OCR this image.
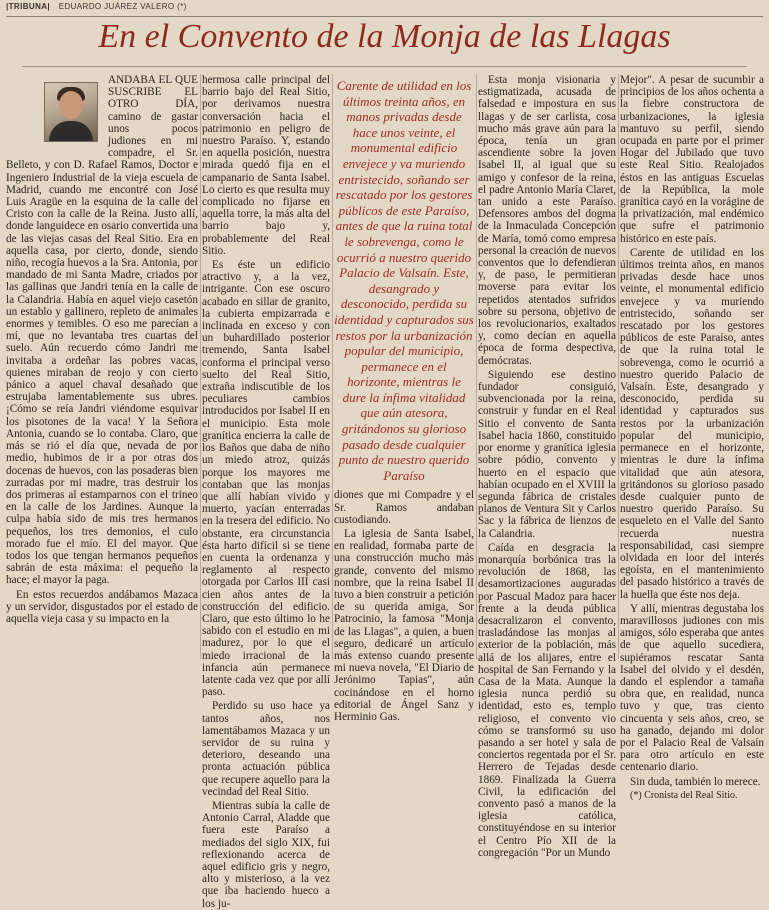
|TRIBUNA| EDUARDO JUÁREZ VALERO (*)
En el Convento de la Monja de las Llagas

ANDABA EL QUE SUSCRIBE EL OTRO DÍA, camino de gastar unos pocos judiones en mi compadre, el Sr. Belleto, y con D. Rafael Ramos, Doctor e Ingeniero Industrial de la vieja escuela de Madrid, cuando me encontré con José Luis Aragüe en la esquina de la calle del Cristo con la calle de la Reina. Justo allí, donde languidece en osario convertida una de las viejas casas del Real Sitio. Era en aquella casa, por cierto, donde, siendo niño, recogía huevos a la Sra. Antonia, por mandado de mi Santa Madre, criados por las gallinas que Jandri tenía en la calle de la Calandria. Había en aquel viejo casetón un establo y gallinero, repleto de animales enormes y temibles. O eso me parecían a mí, que no levantaba tres cuartas del suelo. Aún recuerdo cómo Jandri me invitaba a ordeñar las pobres vacas, quienes miraban de reojo y con cierto pánico a aquel chaval desañado que estrujaba lamentablemente sus ubres. ¡Cómo se reía Jandri viéndome esquivar los pisotones de la vaca! Y la Señora Antonia, cuando se lo contaba. Claro, que más se rió el día que, nevada de por medio, hubimos de ir a por otras dos docenas de huevos, con las posaderas bien zurradas por mi madre, tras destruir los dos primeras al estamparnos con el trineo en la calle de los Jardines. Aunque la culpa había sido de mis tres hermanos pequeños, los tres demonios, el culo morado fue el mío. El del mayor. Que todos los que tengan hermanos pequeños sabrán de esta máxima: el pequeño la hace; el mayor la paga.

En estos recuerdos andábamos Mazaca y un servidor, disgustados por el estado de aquella vieja casa y su impacto en la

hermosa calle principal del barrio bajo del Real Sitio, por derivamos nuestra conversación hacia el patrimonio en peligro de nuestro Paraíso. Y, estando en aquella posición, nuestra mirada quedó fija en el campanario de Santa Isabel. Lo cierto es que resulta muy complicado no fijarse en aquella torre, la más alta del barrio bajo y, probablemente del Real Sitio.

Es éste un edificio atractivo y, a la vez, intrigante. Con ese oscuro acabado en sillar de granito, la cubierta empizarrada e inclinada en exceso y con un buhardillado posterior tremendo, Santa Isabel conforma el principal verso suelto del Real Sitio, extraña indiscutible de los peculiares cambios introducidos por Isabel II en el municipio. Esta mole granítica encierra la calle de los Baños que daba de niño un miedo atroz, quizás porque los mayores me contaban que las monjas que allí habían vivido y muerto, yacían enterradas en la tresera del edificio. No obstante, era circunstancia ésta harto difícil si se tiene en cuenta la ordenanza y reglamento al respecto otorgada por Carlos III casi cien años antes de la construcción del edificio. Claro, que esto último lo he sabido con el estudio en mi madurez, por lo que el miedo irracional de la infancia aún permanece latente cada vez que por allí paso.

Perdido su uso hace ya tantos años, nos lamentábamos Mazaca y un servidor de su ruina y deterioro, deseando una pronta actuación pública que recupere aquello para la vecindad del Real Sitio.

Mientras subía la calle de Antonio Carral, Aladde que fuera este Paraíso a mediados del siglo XIX, fui reflexionando acerca de aquel edificio gris y negro, alto y misterioso, a la vez que iba haciendo hueco a los ju-

Carente de utilidad en los últimos treinta años, en manos privadas desde hace unos veinte, el monumental edificio envejece y va muriendo entristecido, soñando ser rescatado por los gestores públicos de este Paraíso, antes de que la ruina total le sobrevenga, como le ocurrió a nuestro querido Palacio de Valsaín. Este, desangrado y desconocido, perdida su identidad y capturados sus restos por la urbanización popular del municipio, permanece en el horizonte, mientras le dure la ínfima vitalidad que aún atesora, gritándonos su glorioso pasado desde cualquier punto de nuestro querido Paraíso

diones que mi Compadre y el Sr. Ramos andaban custodiando.

La iglesia de Santa Isabel, en realidad, formaba parte de una construcción mucho más grande, convento del mismo nombre, que la reina Isabel II tuvo a bien construir a petición de su querida amiga, Sor Patrocinio, la famosa "Monja de las Llagas", a quien, a buen seguro, dedicaré un artículo más extenso cuando presente mi nueva novela, "El Diario de Jerónimo Tapias", aún cocinándose en el horno editorial de Ángel Sanz y Herminio Gas.

Esta monja visionaria y estigmatizada, acusada de falsedad e impostura en sus llagas y de ser carlista, cosa mucho más grave aún para la época, tenía un gran ascendiente sobre la joven Isabel II, al igual que su amigo y confesor de la reina, el padre Antonio María Claret, tan unido a este Paraíso. Defensores ambos del dogma de la Inmaculada Concepción de María, tomó como empresa personal la creación de nuevos conventos que lo defendieran y, de paso, le permitieran moverse para evitar los repetidos atentados sufridos sobre su persona, objetivo de los revolucionarios, exaltados y, como decían en aquella época de forma despectiva, demócratas.

Siguiendo ese destino fundador consiguió, subvencionada por la reina, construir y fundar en el Real Sitio el convento de Santa Isabel hacia 1860, constituido por enorme y granítica iglesia sobre pódio, convento y huerto en el espacio que habían ocupado en el XVIII la segunda fábrica de cristales planos de Ventura Sit y Carlos Sac y la fábrica de lienzos de la Calandria.

Caída en desgracia la monarquía borbónica tras la revolución de 1868, las desamortizaciones auguradas por Pascual Madoz para hacer frente a la deuda pública desacralizaron el convento, trasladándose las monjas al exterior de la población, más allá de los alijares, entre el hospital de San Fernando y la Casa de la Mata. Aunque la iglesia nunca perdió su identidad, esto es, templo religioso, el convento vio cómo se transformó su uso pasando a ser hotel y sala de conciertos regentada por el Sr. Herrero de Tejadas desde 1869. Finalizada la Guerra Civil, la edificación del convento pasó a manos de la iglesia católica, constituyéndose en su interior el Centro Pío XII de la congregación "Por un Mundo

Mejor". A pesar de sucumbir a principios de los años ochenta a la fiebre constructora de urbanizaciones, la iglesia mantuvo su perfil, siendo ocupada en parte por el primer Hogar del Jubilado que tuvo este Real Sitio. Realojados éstos en las antiguas Escuelas de la República, la mole granítica cayó en la vorágine de la privatización, mal endémico que sufre el patrimonio histórico en este país.

Carente de utilidad en los últimos treinta años, en manos privadas desde hace unos veinte, el monumental edificio envejece y va muriendo entristecido, soñando ser rescatado por los gestores públicos de este Paraíso, antes de que la ruina total le sobrevenga, como le ocurrió a nuestro querido Palacio de Valsaín. Este, desangrado y desconocido, perdida su identidad y capturados sus restos por la urbanización popular del municipio, permanece en el horizonte, mientras le dure la ínfima vitalidad que aún atesora, gritándonos su glorioso pasado desde cualquier punto de nuestro querido Paraíso. Su esqueleto en el Valle del Santo recuerda nuestra responsabilidad, casi siempre olvidada en loor del interés egoísta, en el mantenimiento del pasado histórico a través de la huella que éste nos deja.

Y allí, mientras degustaba los maravillosos judiones con mis amigos, sólo esperaba que antes de que aquello sucediera, supiéramos rescatar Santa Isabel del olvido y el desdén, dando el esplendor a tamaña obra que, en realidad, nunca tuvo y que, tras ciento cincuenta y seis años, creo, se ha ganado, dejando mi dolor por el Palacio Real de Valsaín para otro artículo en este centenario diario.

Sin duda, también lo merece.

(*) Cronista del Real Sitio.
